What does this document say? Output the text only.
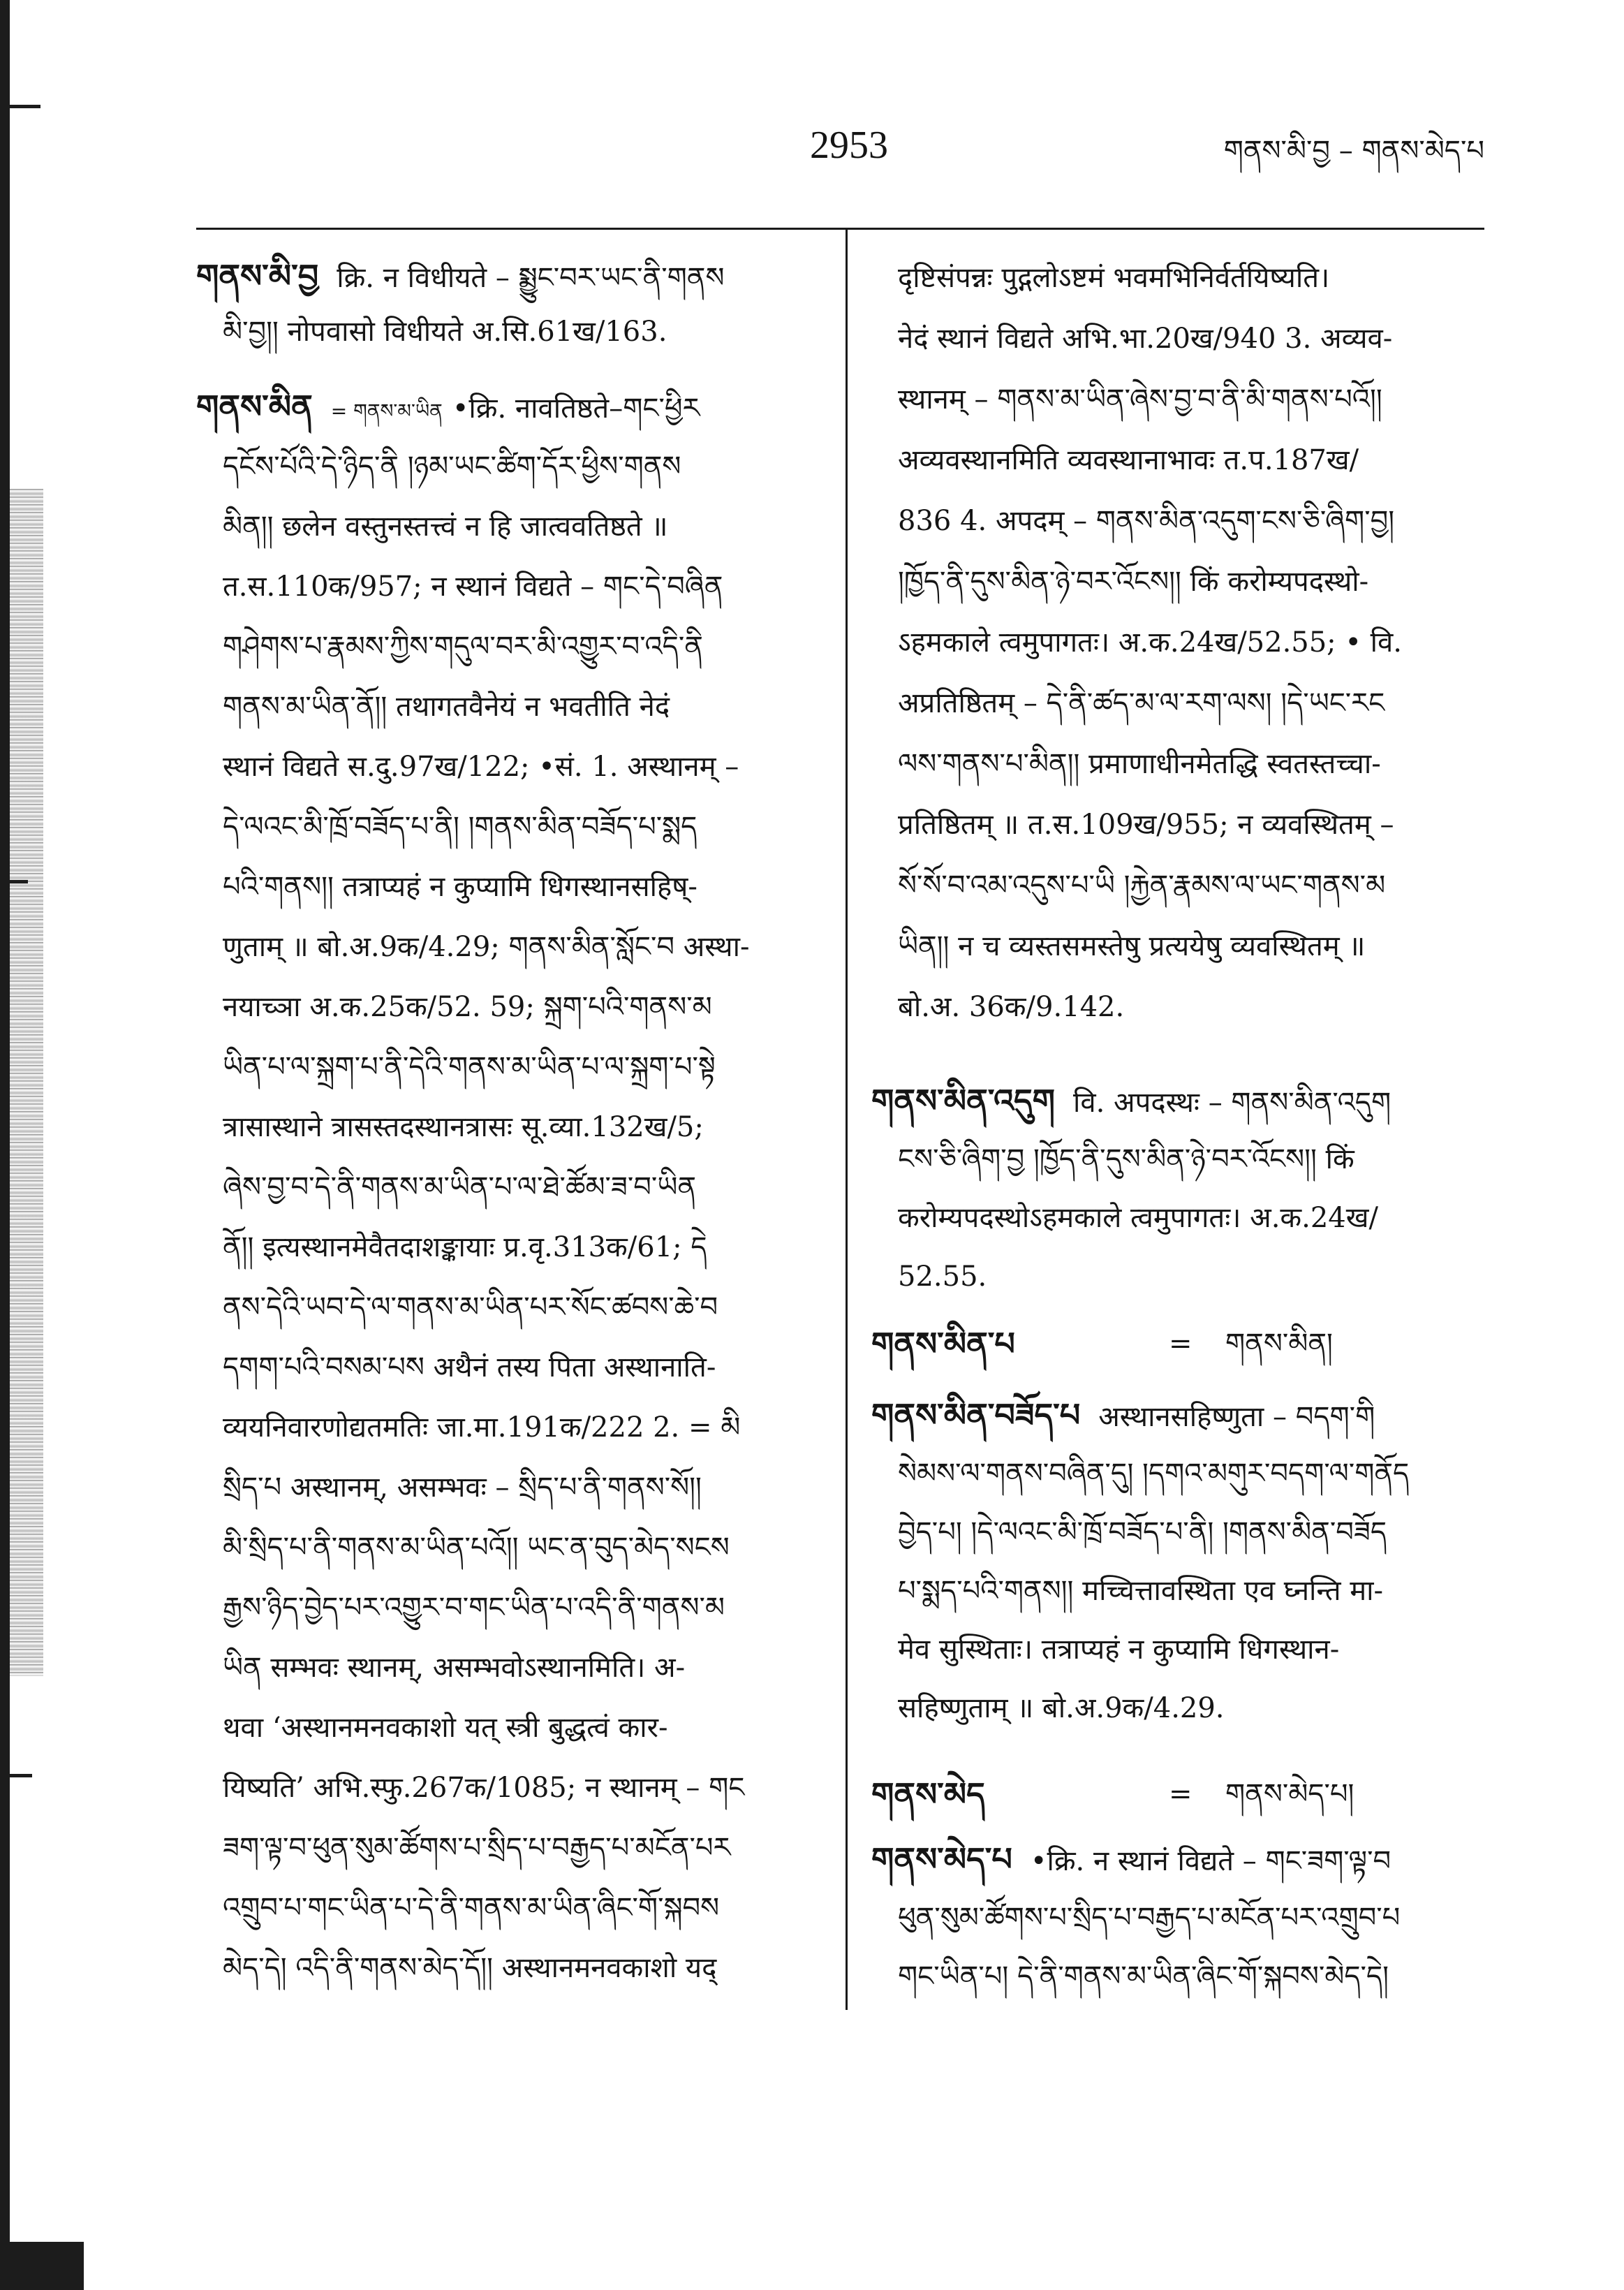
2953	གནས་མི་བྱ – གནས་མེད་པ
གནས་མི་བྱ क्रि. न विधीयते – སྨྱུང་བར་ཡང་ནི་གནས
མི་བྱ།། नोपवासो विधीयते अ.सि.61ख/163.
གནས་མིན = གནས་མ་ཡིན •क्रि. नावतिष्ठते–གང་ཕྱིར
དངོས་པོའི་དེ་ཉིད་ནི །ཉམ་ཡང་ཚིག་དོར་ཕྱིས་གནས
མིན།། छलेन वस्तुनस्तत्त्वं न हि जात्ववतिष्ठते ॥
त.स.110क/957; न स्थानं विद्यते – གང་དེ་བཞིན
གཤེགས་པ་རྣམས་ཀྱིས་གདུལ་བར་མི་འགྱུར་བ་འདི་ནི
གནས་མ་ཡིན་ནོ།། तथागतवैनेयं न भवतीति नेदं
स्थानं विद्यते स.दु.97ख/122; •सं. 1. अस्थानम् –
དེ་ལའང་མི་ཁྲོ་བཟོད་པ་ནི། །གནས་མིན་བཟོད་པ་སྨད
པའི་གནས།། तत्राप्यहं न कुप्यामि धिगस्थानसहिष्-
णुताम् ॥ बो.अ.9क/4.29; གནས་མིན་སློང་བ अस्था-
नयाच्ञा अ.क.25क/52. 59; སྐྲག་པའི་གནས་མ
ཡིན་པ་ལ་སྐྲག་པ་ནི་དེའི་གནས་མ་ཡིན་པ་ལ་སྐྲག་པ་སྟེ
त्रासास्थाने त्रासस्तदस्थानत्रासः सू.व्या.132ख/5;
ཞེས་བྱ་བ་དེ་ནི་གནས་མ་ཡིན་པ་ལ་ཐེ་ཚོམ་ཟ་བ་ཡིན
ནོ།། इत्यस्थानमेवैतदाशङ्कायाः प्र.वृ.313क/61; དེ
ནས་དེའི་ཡབ་དེ་ལ་གནས་མ་ཡིན་པར་སོང་ཚབས་ཆེ་བ
དགག་པའི་བསམ་པས अथैनं तस्य पिता अस्थानाति-
व्ययनिवारणोद्यतमतिः जा.मा.191क/222 2. = མི
སྲིད་པ अस्थानम्, असम्भवः – སྲིད་པ་ནི་གནས་སོ།།
མི་སྲིད་པ་ནི་གནས་མ་ཡིན་པའོ།། ཡང་ན་བུད་མེད་སངས
རྒྱས་ཉིད་བྱེད་པར་འགྱུར་བ་གང་ཡིན་པ་འདི་ནི་གནས་མ
ཡིན सम्भवः स्थानम्, असम्भवोऽस्थानमिति। अ-
थवा ‘अस्थानमनवकाशो यत् स्त्री बुद्धत्वं कार-
यिष्यति’ अभि.स्फु.267क/1085; न स्थानम् – གང
ཟག་ལྟ་བ་ཕུན་སུམ་ཚོགས་པ་སྲིད་པ་བརྒྱད་པ་མངོན་པར
འགྲུབ་པ་གང་ཡིན་པ་དེ་ནི་གནས་མ་ཡིན་ཞིང་གོ་སྐབས
མེད་དེ། འདི་ནི་གནས་མེད་དོ།། अस्थानमनवकाशो यद्
दृष्टिसंपन्नः पुद्गलोऽष्टमं भवमभिनिर्वर्तयिष्यति।
नेदं स्थानं विद्यते अभि.भा.20ख/940 3. अव्यव-
स्थानम् – གནས་མ་ཡིན་ཞེས་བྱ་བ་ནི་མི་གནས་པའོ།།
अव्यवस्थानमिति व्यवस्थानाभावः त.प.187ख/
836 4. अपदम् – གནས་མིན་འདུག་ངས་ཅི་ཞིག་བྱ།
།ཁྱོད་ནི་དུས་མིན་ཉེ་བར་འོངས།། किं करोम्यपदस्थो-
ऽहमकाले त्वमुपागतः। अ.क.24ख/52.55; • वि.
अप्रतिष्ठितम् – དེ་ནི་ཚད་མ་ལ་རག་ལས། །དེ་ཡང་རང
ལས་གནས་པ་མིན།། प्रमाणाधीनमेतद्धि स्वतस्तच्चा-
प्रतिष्ठितम् ॥ त.स.109ख/955; न व्यवस्थितम् –
སོ་སོ་བ་འམ་འདུས་པ་ཡི །རྐྱེན་རྣམས་ལ་ཡང་གནས་མ
ཡིན།། न च व्यस्तसमस्तेषु प्रत्ययेषु व्यवस्थितम् ॥
बो.अ. 36क/9.142.
གནས་མིན་འདུག वि. अपदस्थः – གནས་མིན་འདུག
ངས་ཅི་ཞིག་བྱ །ཁྱོད་ནི་དུས་མིན་ཉེ་བར་འོངས།། किं
करोम्यपदस्थोऽहमकाले त्वमुपागतः। अ.क.24ख/
52.55.
གནས་མིན་པ	= གནས་མིན།
གནས་མིན་བཟོད་པ अस्थानसहिष्णुता – བདག་གི
སེམས་ལ་གནས་བཞིན་དུ། །དགའ་མགུར་བདག་ལ་གནོད
བྱེད་པ། །དེ་ལའང་མི་ཁྲོ་བཟོད་པ་ནི། །གནས་མིན་བཟོད
པ་སྨད་པའི་གནས།། मच्चित्तावस्थिता एव घ्नन्ति मा-
मेव सुस्थिताः। तत्राप्यहं न कुप्यामि धिगस्थान-
सहिष्णुताम् ॥ बो.अ.9क/4.29.
གནས་མེད	= གནས་མེད་པ།
གནས་མེད་པ •क्रि. न स्थानं विद्यते – གང་ཟག་ལྟ་བ
ཕུན་སུམ་ཚོགས་པ་སྲིད་པ་བརྒྱད་པ་མངོན་པར་འགྲུབ་པ
གང་ཡིན་པ། དེ་ནི་གནས་མ་ཡིན་ཞིང་གོ་སྐབས་མེད་དེ།
